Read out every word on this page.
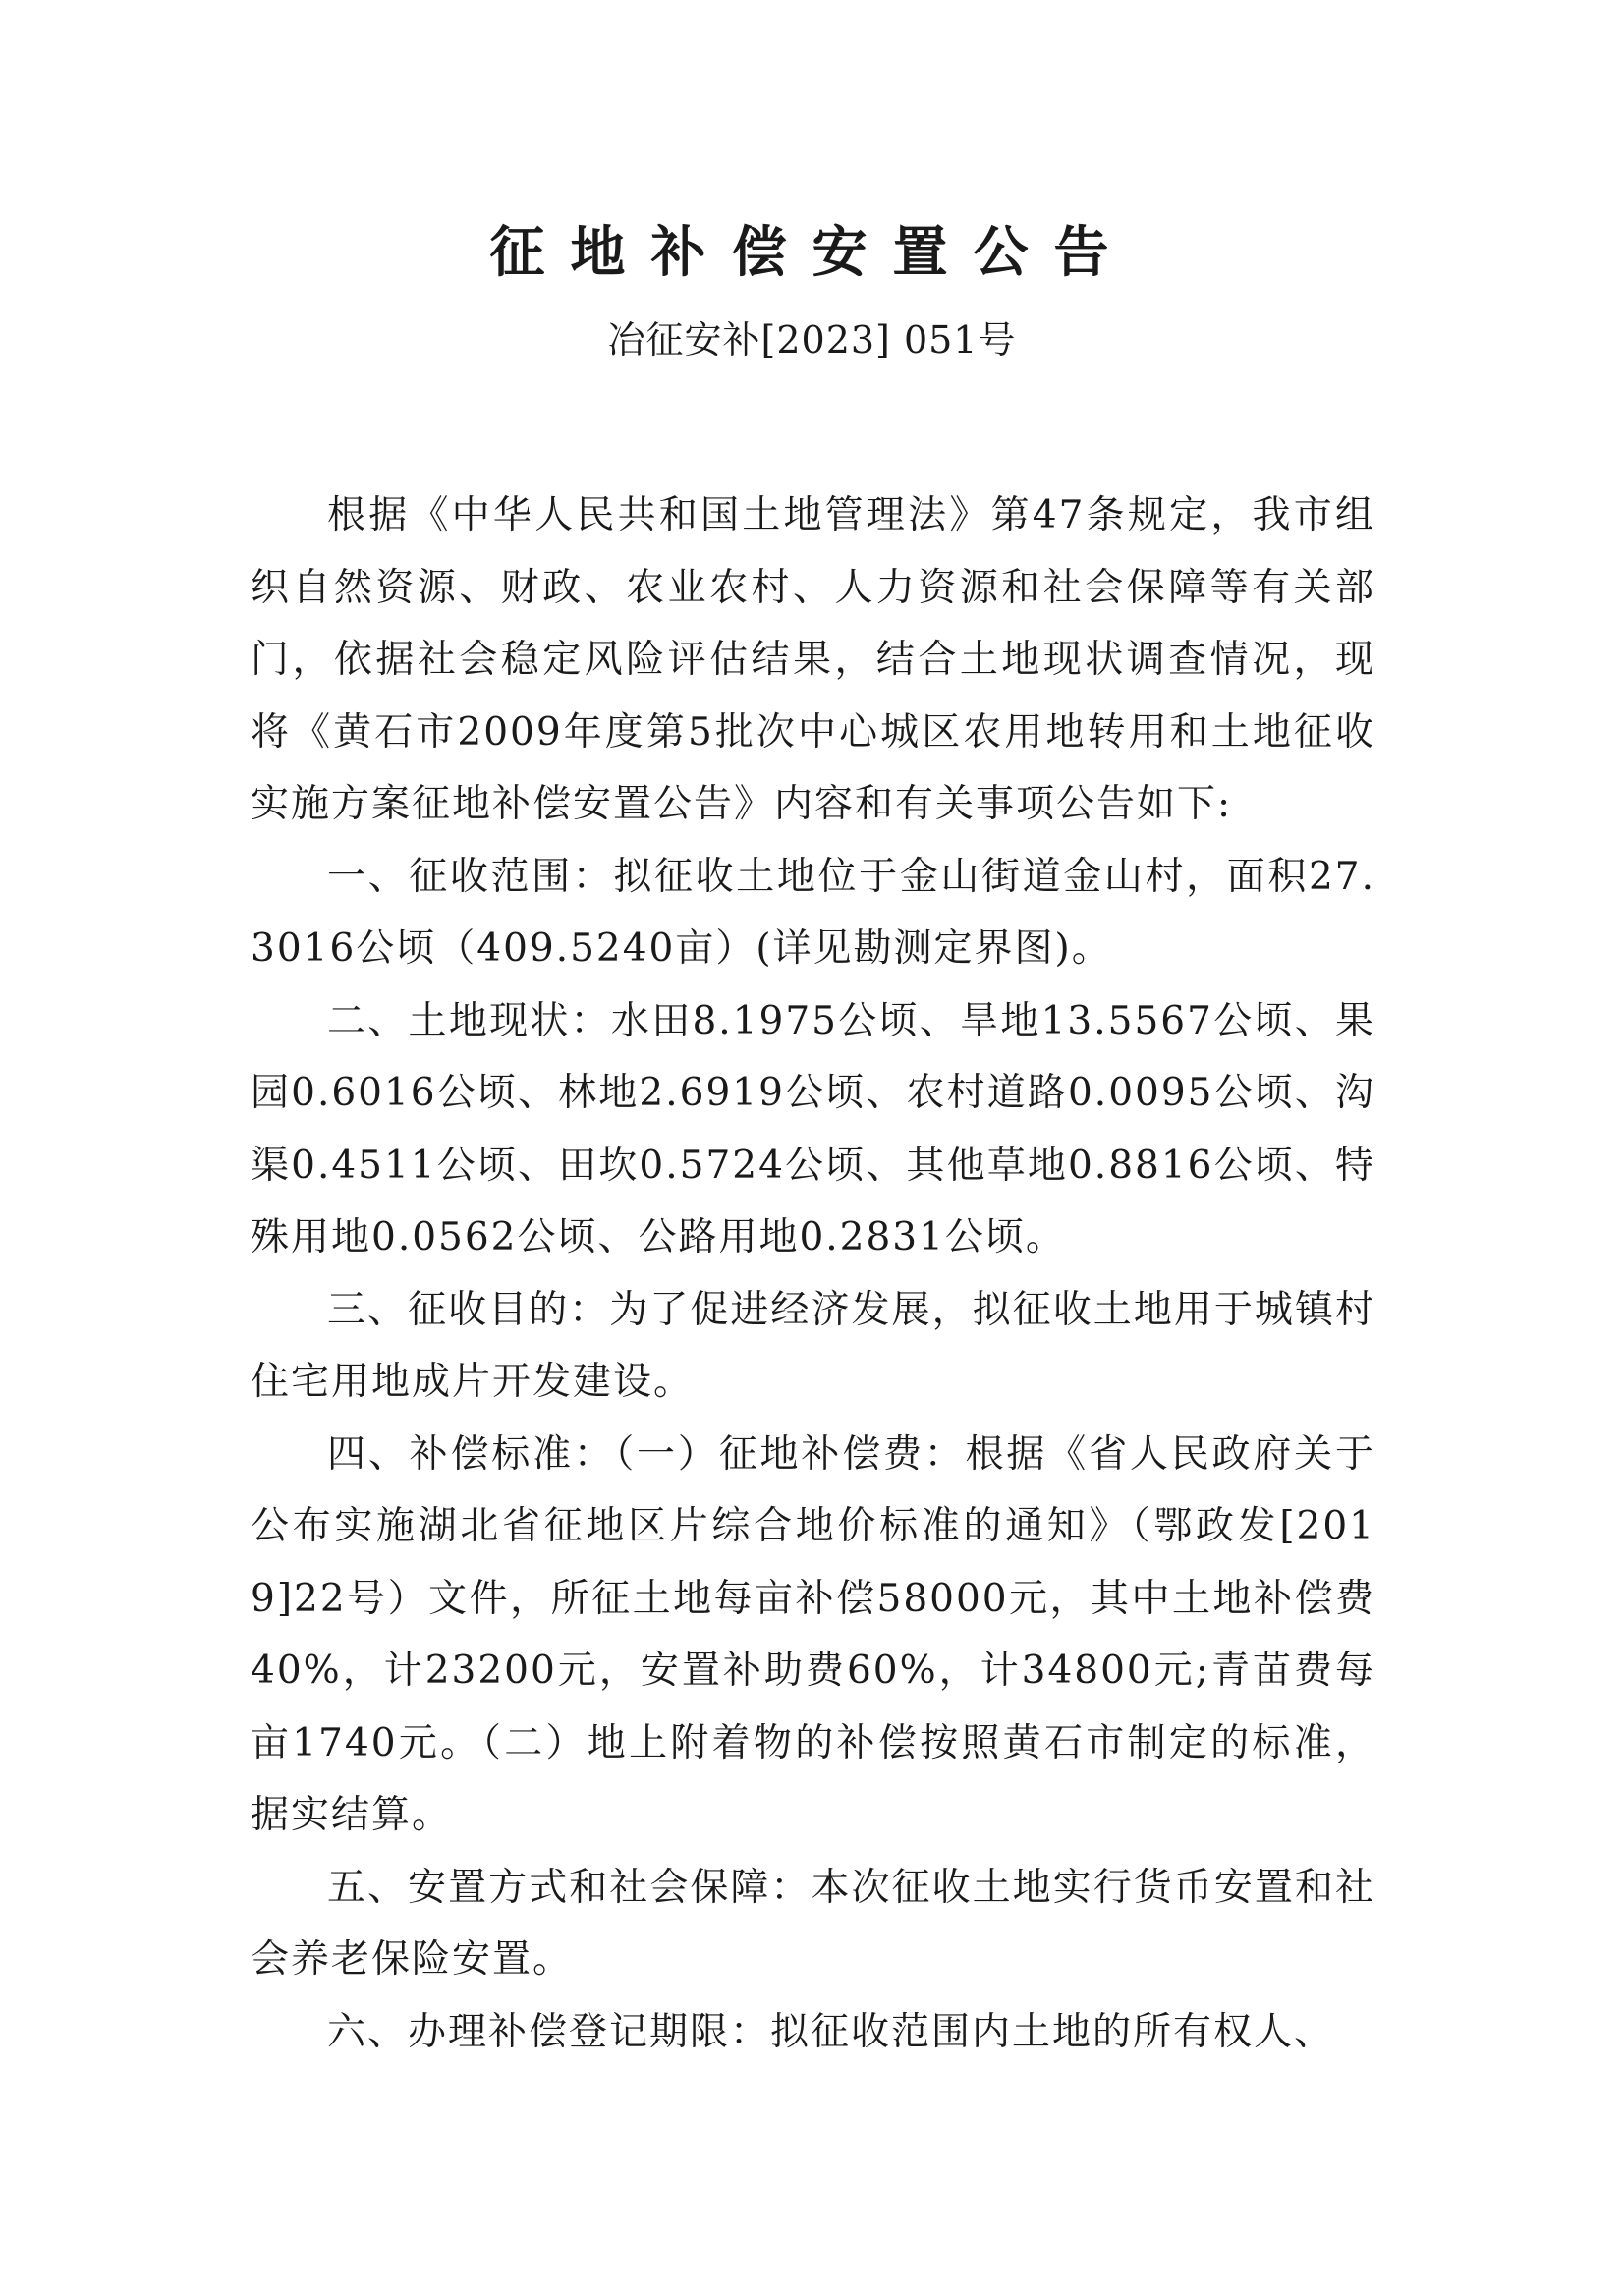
征地补偿安置公告
冶征安补[2023] 051号

根据《中华人民共和国土地管理法》第47条规定，我市组织自然资源、财政、农业农村、人力资源和社会保障等有关部门，依据社会稳定风险评估结果，结合土地现状调查情况，现将《黄石市2009年度第5批次中心城区农用地转用和土地征收实施方案征地补偿安置公告》内容和有关事项公告如下:

一、征收范围：拟征收土地位于金山街道金山村，面积27.3016公顷（409.5240亩）(详见勘测定界图)。

二、土地现状：水田8.1975公顷、旱地13.5567公顷、果园0.6016公顷、林地2.6919公顷、农村道路0.0095公顷、沟渠0.4511公顷、田坎0.5724公顷、其他草地0.8816公顷、特殊用地0.0562公顷、公路用地0.2831公顷。

三、征收目的：为了促进经济发展，拟征收土地用于城镇村住宅用地成片开发建设。

四、补偿标准：（一）征地补偿费：根据《省人民政府关于公布实施湖北省征地区片综合地价标准的通知》（鄂政发[2019]22号）文件，所征土地每亩补偿58000元，其中土地补偿费40%，计23200元，安置补助费60%，计34800元;青苗费每亩1740元。（二）地上附着物的补偿按照黄石市制定的标准，据实结算。

五、安置方式和社会保障：本次征收土地实行货币安置和社会养老保险安置。

六、办理补偿登记期限：拟征收范围内土地的所有权人、
